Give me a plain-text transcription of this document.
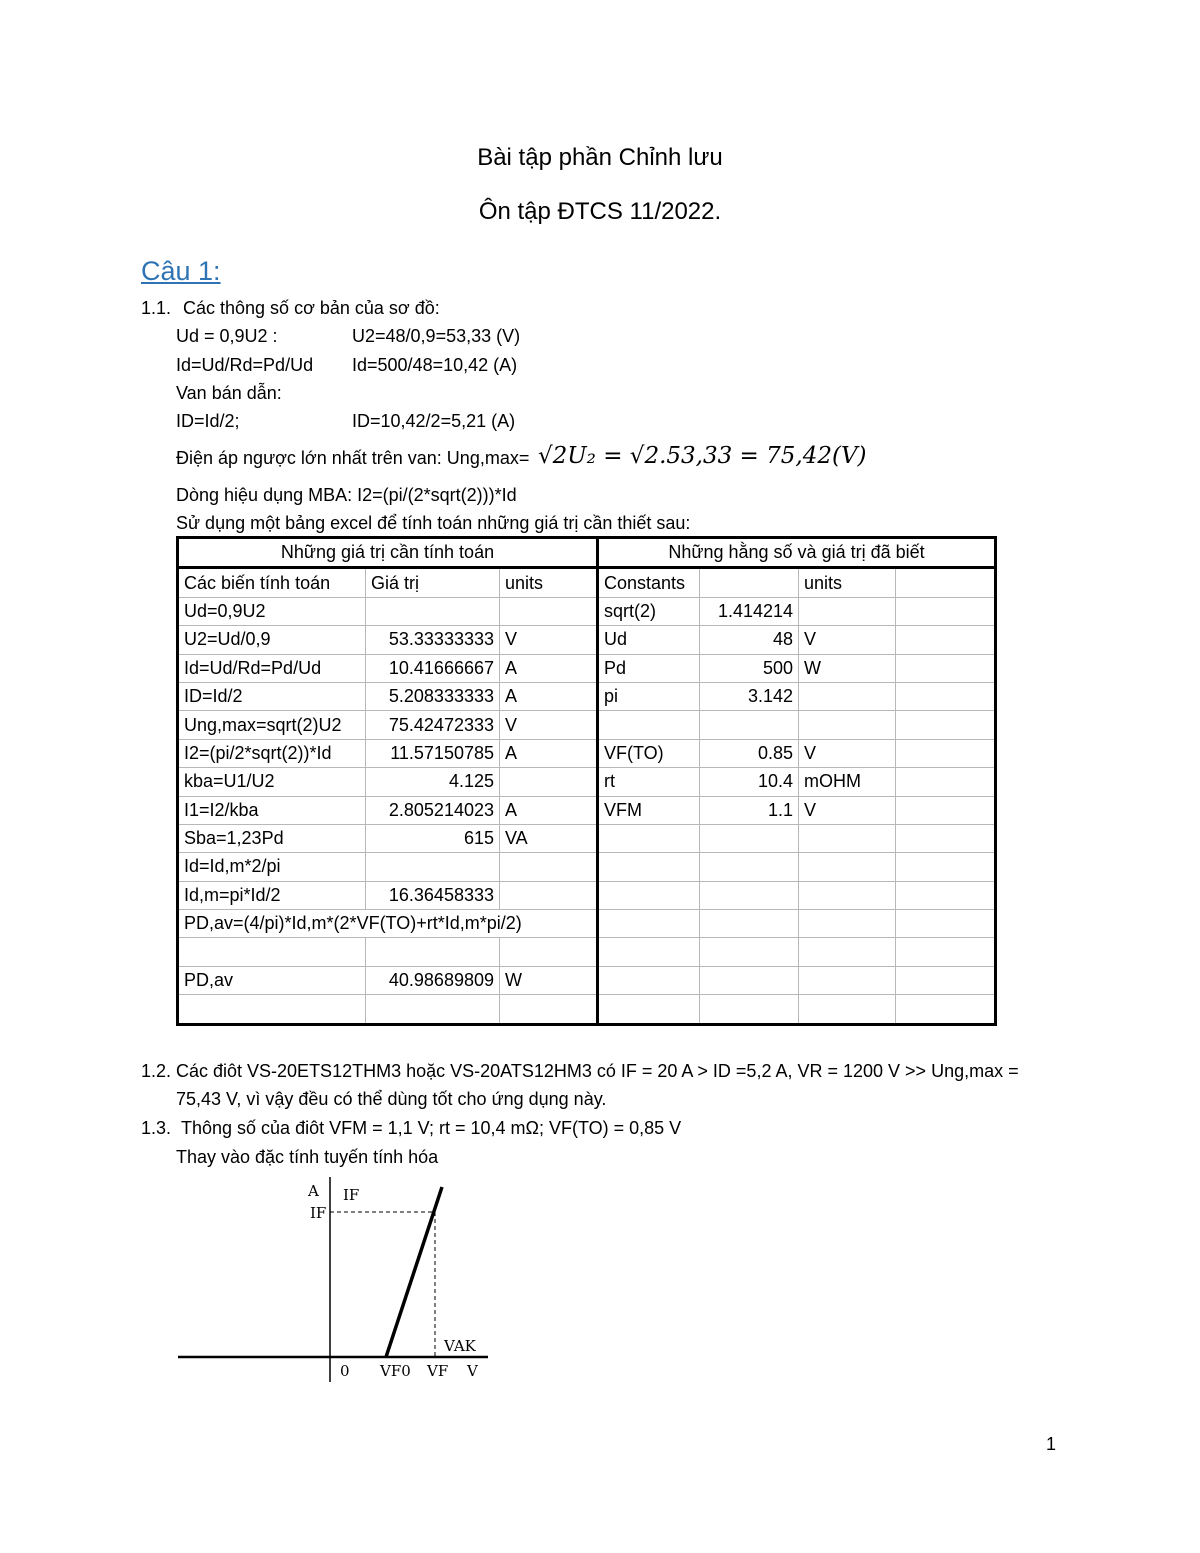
Bài tập phần Chỉnh lưu
Ôn tập ĐTCS 11/2022.
Câu 1:
1.1. Các thông số cơ bản của sơ đồ:
Ud = 0,9U2 :	U2=48/0,9=53,33 (V)
Id=Ud/Rd=Pd/Ud Id=500/48=10,42 (A)
Van bán dẫn:
ID=Id/2;	ID=10,42/2=5,21 (A)
Điện áp ngược lớn nhất trên van: Ung,max= √2U₂ = √2.53,33 = 75,42(V)
Dòng hiệu dụng MBA: I2=(pi/(2*sqrt(2)))*Id
Sử dụng một bảng excel để tính toán những giá trị cần thiết sau:
Những giá trị cần tính toán			Những hằng số và giá trị đã biết			
Các biến tính toán	Giá trị	units	Constants		units	
Ud=0,9U2			sqrt(2)	1.414214		
U2=Ud/0,9	53.33333333	V	Ud	48	V	
Id=Ud/Rd=Pd/Ud	10.41666667	A	Pd	500	W	
ID=Id/2	5.208333333	A	pi	3.142		
Ung,max=sqrt(2)U2	75.42472333	V				
I2=(pi/2*sqrt(2))*Id	11.57150785	A	VF(TO)	0.85	V	
kba=U1/U2	4.125		rt	10.4	mOHM	
I1=I2/kba	2.805214023	A	VFM	1.1	V	
Sba=1,23Pd	615	VA				
Id=Id,m*2/pi						
Id,m=pi*Id/2	16.36458333					
PD,av=(4/pi)*Id,m*(2*VF(TO)+rt*Id,m*pi/2)						

PD,av	40.98689809	W				

1.2. Các điôt VS-20ETS12THM3 hoặc VS-20ATS12HM3 có IF = 20 A > ID =5,2 A, VR = 1200 V >> Ung,max =
75,43 V, vì vậy đều có thể dùng tốt cho ứng dụng này.
1.3. Thông số của điôt VFM = 1,1 V; rt = 10,4 mΩ; VF(TO) = 0,85 V
Thay vào đặc tính tuyến tính hóa
A IF
IF
VAK
0 VF0 VF V
1
